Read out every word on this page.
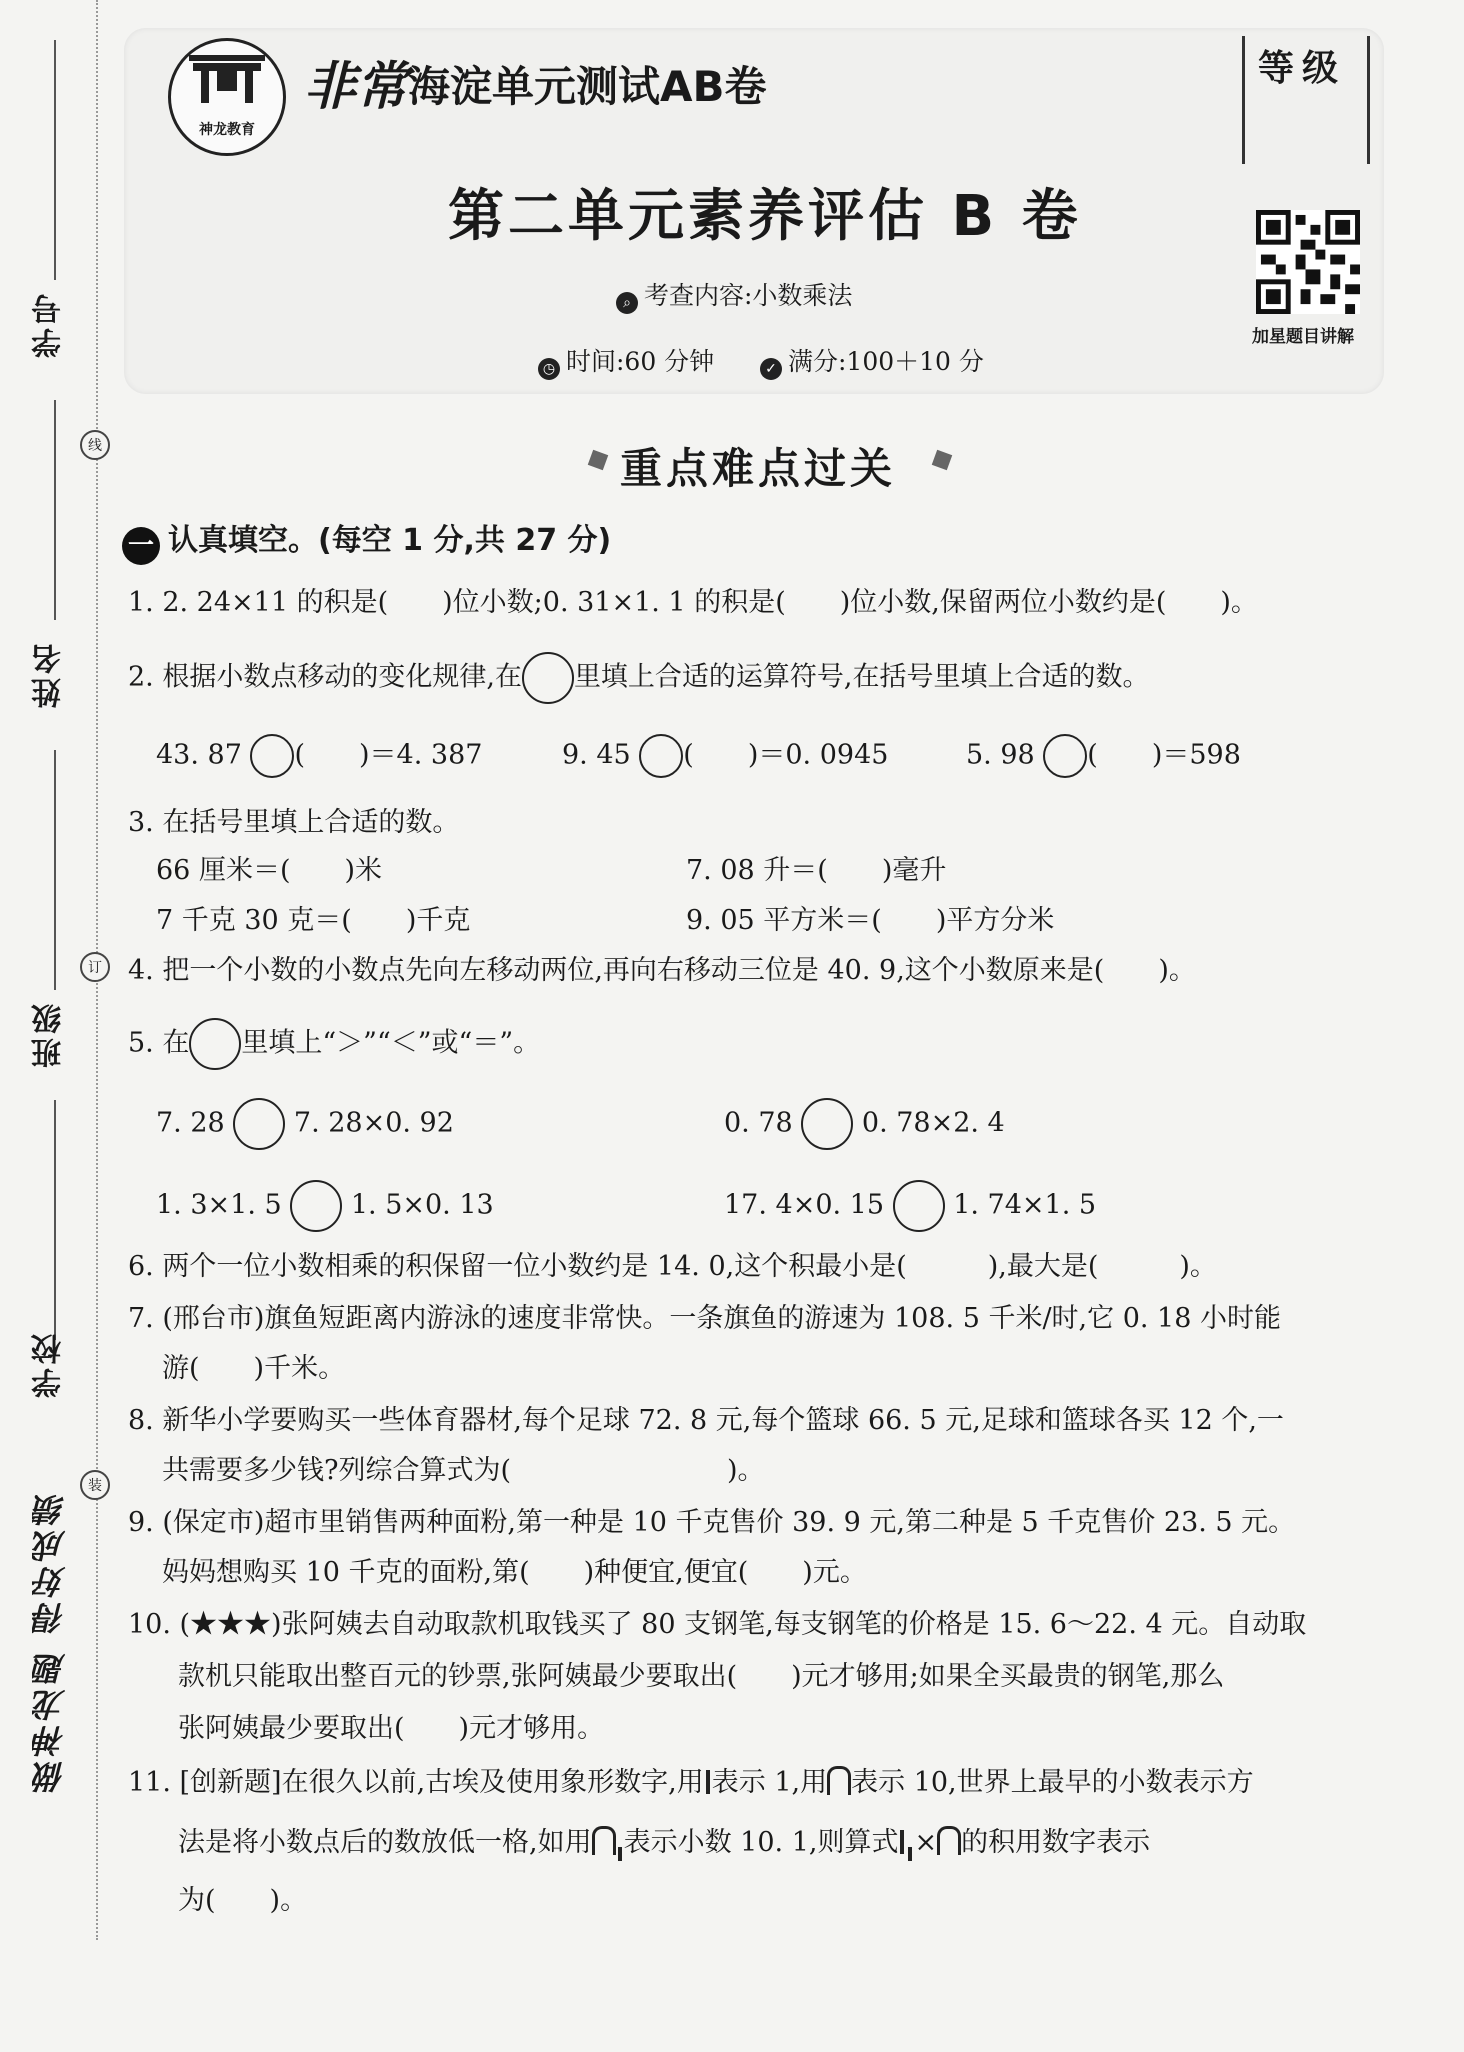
学号
线
姓名
订
班级
学校
装
做神龙题 得好成绩
神龙教育
非常 海淀单元测试AB卷	等级
第二单元素养评估 B 卷
⌕ 考查内容:小数乘法
◷ 时间:60 分钟	✓ 满分:100＋10 分
加星题目讲解
重点难点过关
一 认真填空。(每空 1 分,共 27 分)
1. 2. 24×11 的积是(　　)位小数;0. 31×1. 1 的积是(　　)位小数,保留两位小数约是(　　)。
2. 根据小数点移动的变化规律,在 里填上合适的运算符号,在括号里填上合适的数。
43. 87 (　　)＝4. 387	9. 45 (　　)＝0. 0945	5. 98 (　　)＝598
3. 在括号里填上合适的数。
66 厘米＝(　　)米	7. 08 升＝(　　)毫升
7 千克 30 克＝(　　)千克	9. 05 平方米＝(　　)平方分米
4. 把一个小数的小数点先向左移动两位,再向右移动三位是 40. 9,这个小数原来是(　　)。
5. 在 里填上“＞”“＜”或“＝”。
7. 28	7. 28×0. 92	0. 78	0. 78×2. 4
1. 3×1. 5	1. 5×0. 13	17. 4×0. 15	1. 74×1. 5
6. 两个一位小数相乘的积保留一位小数约是 14. 0,这个积最小是(　　　),最大是(　　　)。
7. (邢台市)旗鱼短距离内游泳的速度非常快。一条旗鱼的游速为 108. 5 千米/时,它 0. 18 小时能
游(　　)千米。
8. 新华小学要购买一些体育器材,每个足球 72. 8 元,每个篮球 66. 5 元,足球和篮球各买 12 个,一
共需要多少钱?列综合算式为(　　　　　　　　)。
9. (保定市)超市里销售两种面粉,第一种是 10 千克售价 39. 9 元,第二种是 5 千克售价 23. 5 元。
妈妈想购买 10 千克的面粉,第(　　)种便宜,便宜(　　)元。
10. (★★★)张阿姨去自动取款机取钱买了 80 支钢笔,每支钢笔的价格是 15. 6～22. 4 元。自动取
款机只能取出整百元的钞票,张阿姨最少要取出(　　)元才够用;如果全买最贵的钢笔,那么
张阿姨最少要取出(　　)元才够用。
11. [创新题]在很久以前,古埃及使用象形数字,用 表示 1,用 表示 10,世界上最早的小数表示方
法是将小数点后的数放低一格,如用 表示小数 10. 1,则算式 × 的积用数字表示
为(　　)。
